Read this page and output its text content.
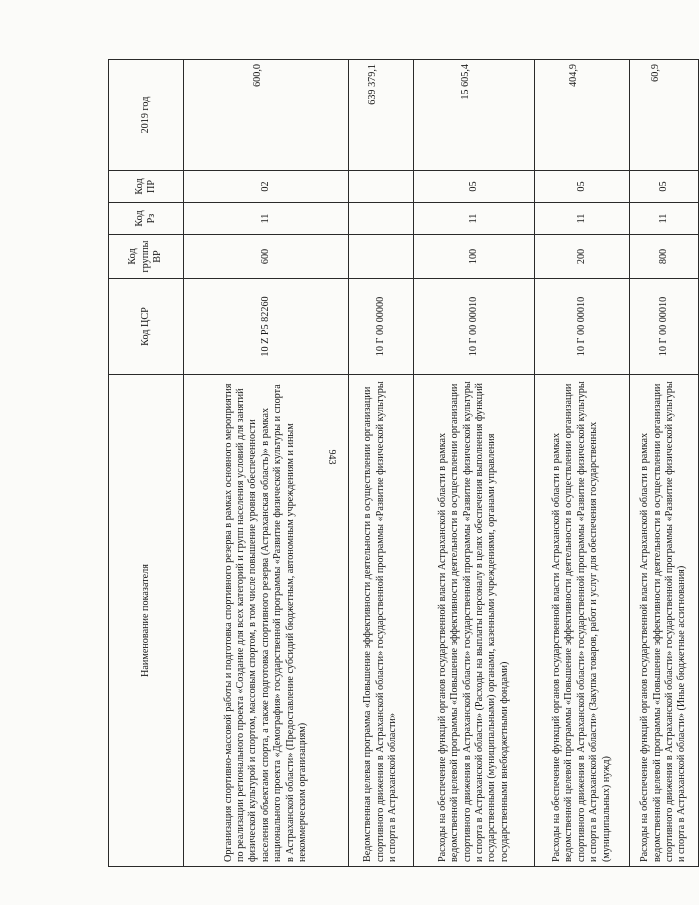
943
Наименование показателя	Код ЦСР	Код группы ВР	Код Рз	Код ПР	2019 год
Организация спортивно-массовой работы и подготовка спортивного резерва в рамках основного мероприятия по реализации регионального проекта «Создание для всех категорий и групп населения условий для занятий физической культурой и спортом, массовым спортом, в том числе повышение уровня обеспеченности населения объектами спорта, а также подготовка спортивного резерва (Астраханская область)» в рамках национального проекта «Демография» государственной программы «Развитие физической культуры и спорта в Астраханской области» (Предоставление субсидий бюджетным, автономным учреждениям и иным некоммерческим организациям)	10 Z P5 82260	600	11	02	600,0
Ведомственная целевая программа «Повышение эффективности деятельности в осуществлении организации спортивного движения в Астраханской области» государственной программы «Развитие физической культуры и спорта в Астраханской области»	10 Г 00 00000				639 379,1
Расходы на обеспечение функций органов государственной власти Астраханской области в рамках ведомственной целевой программы «Повышение эффективности деятельности в осуществлении организации спортивного движения в Астраханской области» государственной программы «Развитие физической культуры и спорта в Астраханской области» (Расходы на выплаты персоналу в целях обеспечения выполнения функций государственными (муниципальными) органами, казенными учреждениями, органами управления государственными внебюджетными фондами)	10 Г 00 00010	100	11	05	15 605,4
Расходы на обеспечение функций органов государственной власти Астраханской области в рамках ведомственной целевой программы «Повышение эффективности деятельности в осуществлении организации спортивного движения в Астраханской области» государственной программы «Развитие физической культуры и спорта в Астраханской области» (Закупка товаров, работ и услуг для обеспечения государственных (муниципальных) нужд)	10 Г 00 00010	200	11	05	404,9
Расходы на обеспечение функций органов государственной власти Астраханской области в рамках ведомственной целевой программы «Повышение эффективности деятельности в осуществлении организации спортивного движения в Астраханской области» государственной программы «Развитие физической культуры и спорта в Астраханской области» (Иные бюджетные ассигнования)	10 Г 00 00010	800	11	05	60,9
